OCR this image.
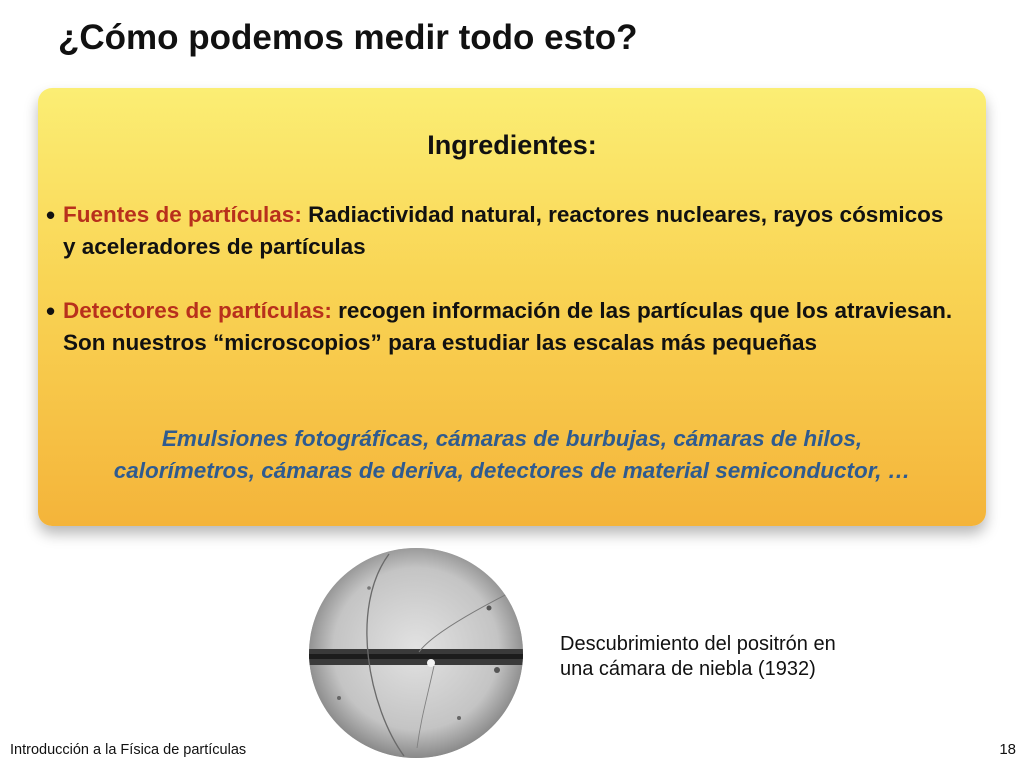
¿Cómo podemos medir todo esto?
Ingredientes:
• Fuentes de partículas: Radiactividad natural, reactores nucleares, rayos cósmicos y aceleradores de partículas
• Detectores de partículas: recogen información de las partículas que los atraviesan. Son nuestros “microscopios” para estudiar las escalas más pequeñas
Emulsiones fotográficas, cámaras de burbujas, cámaras de hilos,
calorímetros, cámaras de deriva, detectores de material semiconductor, …
Descubrimiento del positrón en
una cámara de niebla (1932)
Introducción a la Física de partículas	18
